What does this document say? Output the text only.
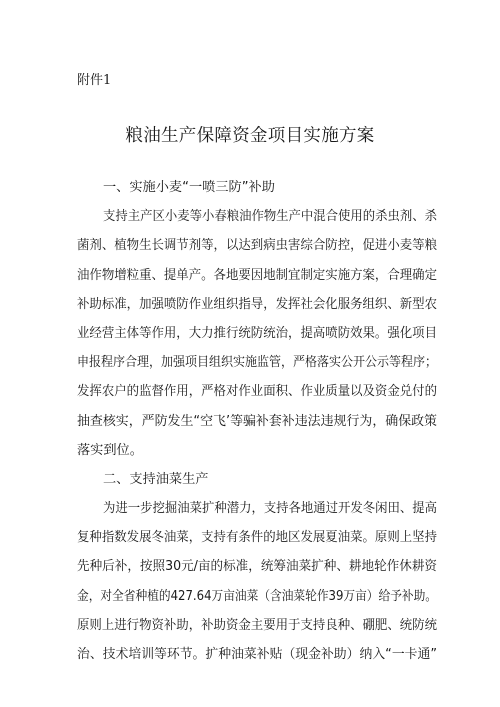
附件1
粮油生产保障资金项目实施方案
一、实施小麦“一喷三防”补助
支持主产区小麦等小春粮油作物生产中混合使用的杀虫剂、杀
菌剂、植物生长调节剂等，以达到病虫害综合防控，促进小麦等粮
油作物增粒重、提单产。各地要因地制宜制定实施方案，合理确定
补助标准，加强喷防作业组织指导，发挥社会化服务组织、新型农
业经营主体等作用，大力推行统防统治，提高喷防效果。强化项目
申报程序合理，加强项目组织实施监管，严格落实公开公示等程序；
发挥农户的监督作用，严格对作业面积、作业质量以及资金兑付的
抽查核实，严防发生“空飞’等骗补套补违法违规行为，确保政策
落实到位。
二、支持油菜生产
为进一步挖掘油菜扩种潜力，支持各地通过开发冬闲田、提高
复种指数发展冬油菜，支持有条件的地区发展夏油菜。原则上坚持
先种后补，按照30元/亩的标准，统筹油菜扩种、耕地轮作休耕资
金，对全省种植的427.64万亩油菜（含油菜轮作39万亩）给予补助。
原则上进行物资补助，补助资金主要用于支持良种、硼肥、统防统
治、技术培训等环节。扩种油菜补贴（现金补助）纳入“一卡通”
